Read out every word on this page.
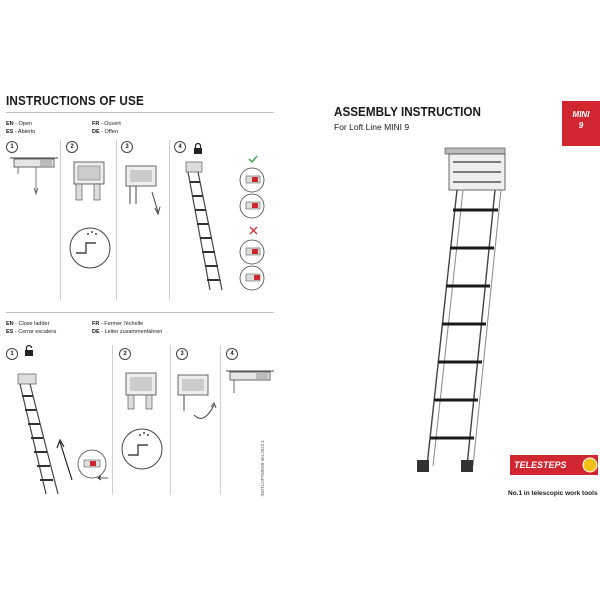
INSTRUCTIONS OF USE
EN - Open
ES - Abierto
FR - Ouvert
DE - Offen
1	2	3	4
EN - Close ladder
ES - Cerrar escalera
FR - Fermer l'échelle
DE - Leiter zusammenfahren
1	2	3	4
INSTLOFTMINI9 Ver.2022.1
ASSEMBLY INSTRUCTION
For Loft Line MINI 9
MINI
9
TELESTEPS
No.1 in telescopic work tools
